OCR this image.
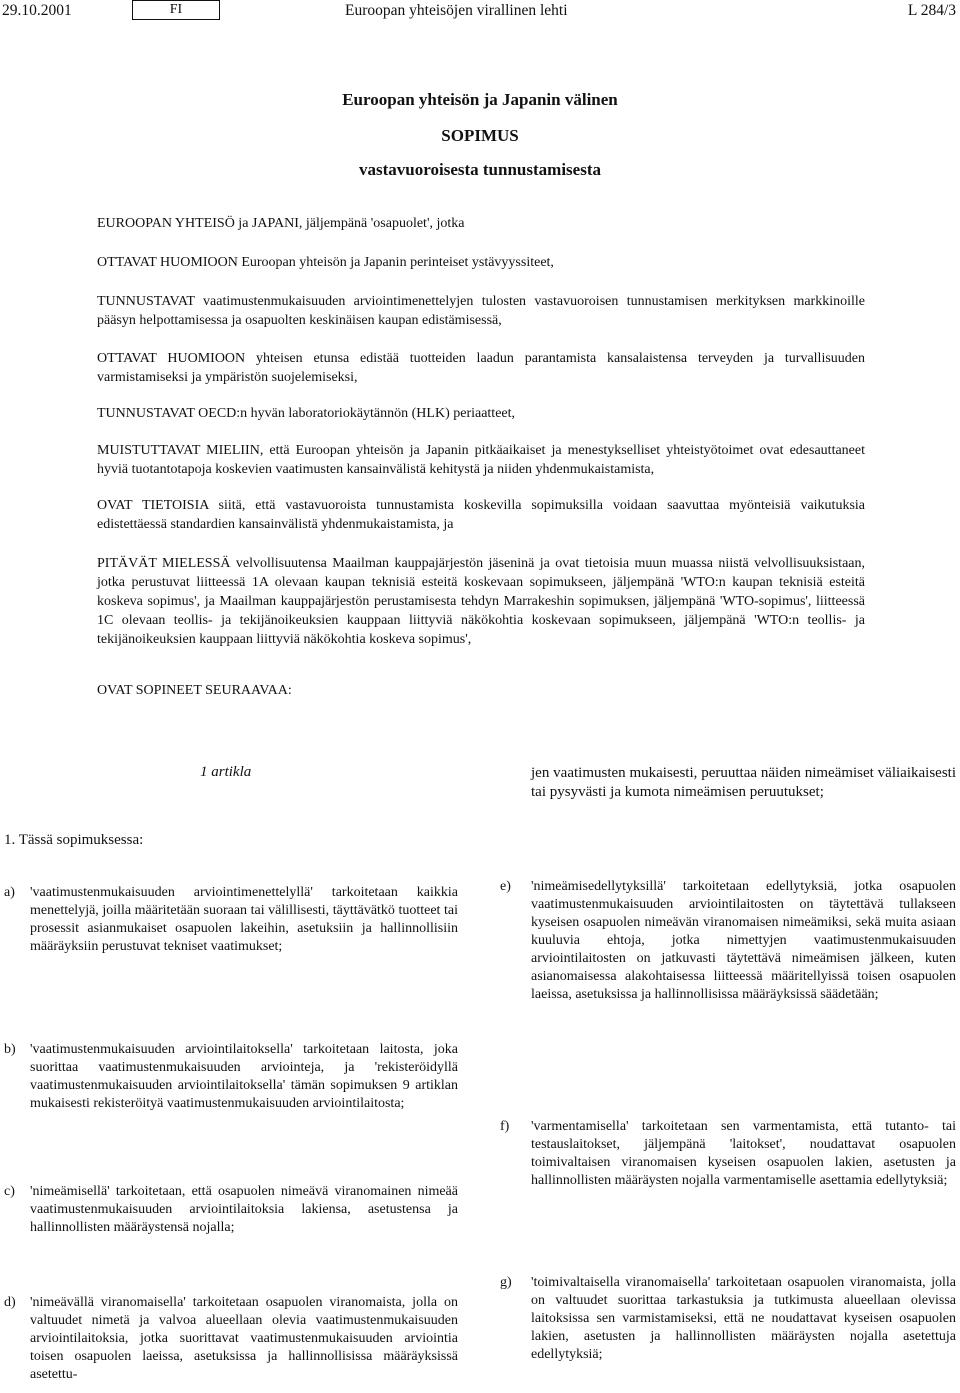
29.10.2001	FI	Euroopan yhteisöjen virallinen lehti	L 284/3
Euroopan yhteisön ja Japanin välinen
SOPIMUS
vastavuoroisesta tunnustamisesta

EUROOPAN YHTEISÖ ja JAPANI, jäljempänä 'osapuolet', jotka

OTTAVAT HUOMIOON Euroopan yhteisön ja Japanin perinteiset ystävyyssiteet,

TUNNUSTAVAT vaatimustenmukaisuuden arviointimenettelyjen tulosten vastavuoroisen tunnustamisen merkityksen markkinoille pääsyn helpottamisessa ja osapuolten keskinäisen kaupan edistämisessä,

OTTAVAT HUOMIOON yhteisen etunsa edistää tuotteiden laadun parantamista kansalaistensa terveyden ja turvallisuuden varmistamiseksi ja ympäristön suojelemiseksi,

TUNNUSTAVAT OECD:n hyvän laboratoriokäytännön (HLK) periaatteet,

MUISTUTTAVAT MIELIIN, että Euroopan yhteisön ja Japanin pitkäaikaiset ja menestykselliset yhteistyötoimet ovat edesauttaneet hyviä tuotantotapoja koskevien vaatimusten kansainvälistä kehitystä ja niiden yhdenmukaistamista,

OVAT TIETOISIA siitä, että vastavuoroista tunnustamista koskevilla sopimuksilla voidaan saavuttaa myönteisiä vaikutuksia edistettäessä standardien kansainvälistä yhdenmukaistamista, ja

PITÄVÄT MIELESSÄ velvollisuutensa Maailman kauppajärjestön jäseninä ja ovat tietoisia muun muassa niistä velvollisuuksistaan, jotka perustuvat liitteessä 1A olevaan kaupan teknisiä esteitä koskevaan sopimukseen, jäljempänä 'WTO:n kaupan teknisiä esteitä koskeva sopimus', ja Maailman kauppajärjestön perustamisesta tehdyn Marrakeshin sopimuksen, jäljempänä 'WTO-sopimus', liitteessä 1C olevaan teollis- ja tekijänoikeuksien kauppaan liittyviä näkökohtia koskevaan sopimukseen, jäljempänä 'WTO:n teollis- ja tekijänoikeuksien kauppaan liittyviä näkökohtia koskeva sopimus',

OVAT SOPINEET SEURAAVAA:

1 artikla
1. Tässä sopimuksessa:
a)	'vaatimustenmukaisuuden arviointimenettelyllä' tarkoitetaan kaikkia menettelyjä, joilla määritetään suoraan tai välillisesti, täyttävätkö tuotteet tai prosessit asianmukaiset osapuolen lakeihin, asetuksiin ja hallinnollisiin määräyksiin perustuvat tekniset vaatimukset;
b)	'vaatimustenmukaisuuden arviointilaitoksella' tarkoitetaan laitosta, joka suorittaa vaatimustenmukaisuuden arviointeja, ja 'rekisteröidyllä vaatimustenmukaisuuden arviointilaitoksella' tämän sopimuksen 9 artiklan mukaisesti rekisteröityä vaatimustenmukaisuuden arviointilaitosta;
c)	'nimeämisellä' tarkoitetaan, että osapuolen nimeävä viranomainen nimeää vaatimustenmukaisuuden arviointilaitoksia lakiensa, asetustensa ja hallinnollisten määräystensä nojalla;
d)	'nimeävällä viranomaisella' tarkoitetaan osapuolen viranomaista, jolla on valtuudet nimetä ja valvoa alueellaan olevia vaatimustenmukaisuuden arviointilaitoksia, jotka suorittavat vaatimustenmukaisuuden arviointia toisen osapuolen laeissa, asetuksissa ja hallinnollisissa määräyksissä asetettu-
jen vaatimusten mukaisesti, peruuttaa näiden nimeämiset väliaikaisesti tai pysyvästi ja kumota nimeämisen peruutukset;
e)	'nimeämisedellytyksillä' tarkoitetaan edellytyksiä, jotka osapuolen vaatimustenmukaisuuden arviointilaitosten on täytettävä tullakseen kyseisen osapuolen nimeävän viranomaisen nimeämiksi, sekä muita asiaan kuuluvia ehtoja, jotka nimettyjen vaatimustenmukaisuuden arviointilaitosten on jatkuvasti täytettävä nimeämisen jälkeen, kuten asianomaisessa alakohtaisessa liitteessä määritellyissä toisen osapuolen laeissa, asetuksissa ja hallinnollisissa määräyksissä säädetään;
f)	'varmentamisella' tarkoitetaan sen varmentamista, että tutanto- tai testauslaitokset, jäljempänä 'laitokset', noudattavat osapuolen toimivaltaisen viranomaisen kyseisen osapuolen lakien, asetusten ja hallinnollisten määräysten nojalla varmentamiselle asettamia edellytyksiä;
g)	'toimivaltaisella viranomaisella' tarkoitetaan osapuolen viranomaista, jolla on valtuudet suorittaa tarkastuksia ja tutkimusta alueellaan olevissa laitoksissa sen varmistamiseksi, että ne noudattavat kyseisen osapuolen lakien, asetusten ja hallinnollisten määräysten nojalla asetettuja edellytyksiä;
